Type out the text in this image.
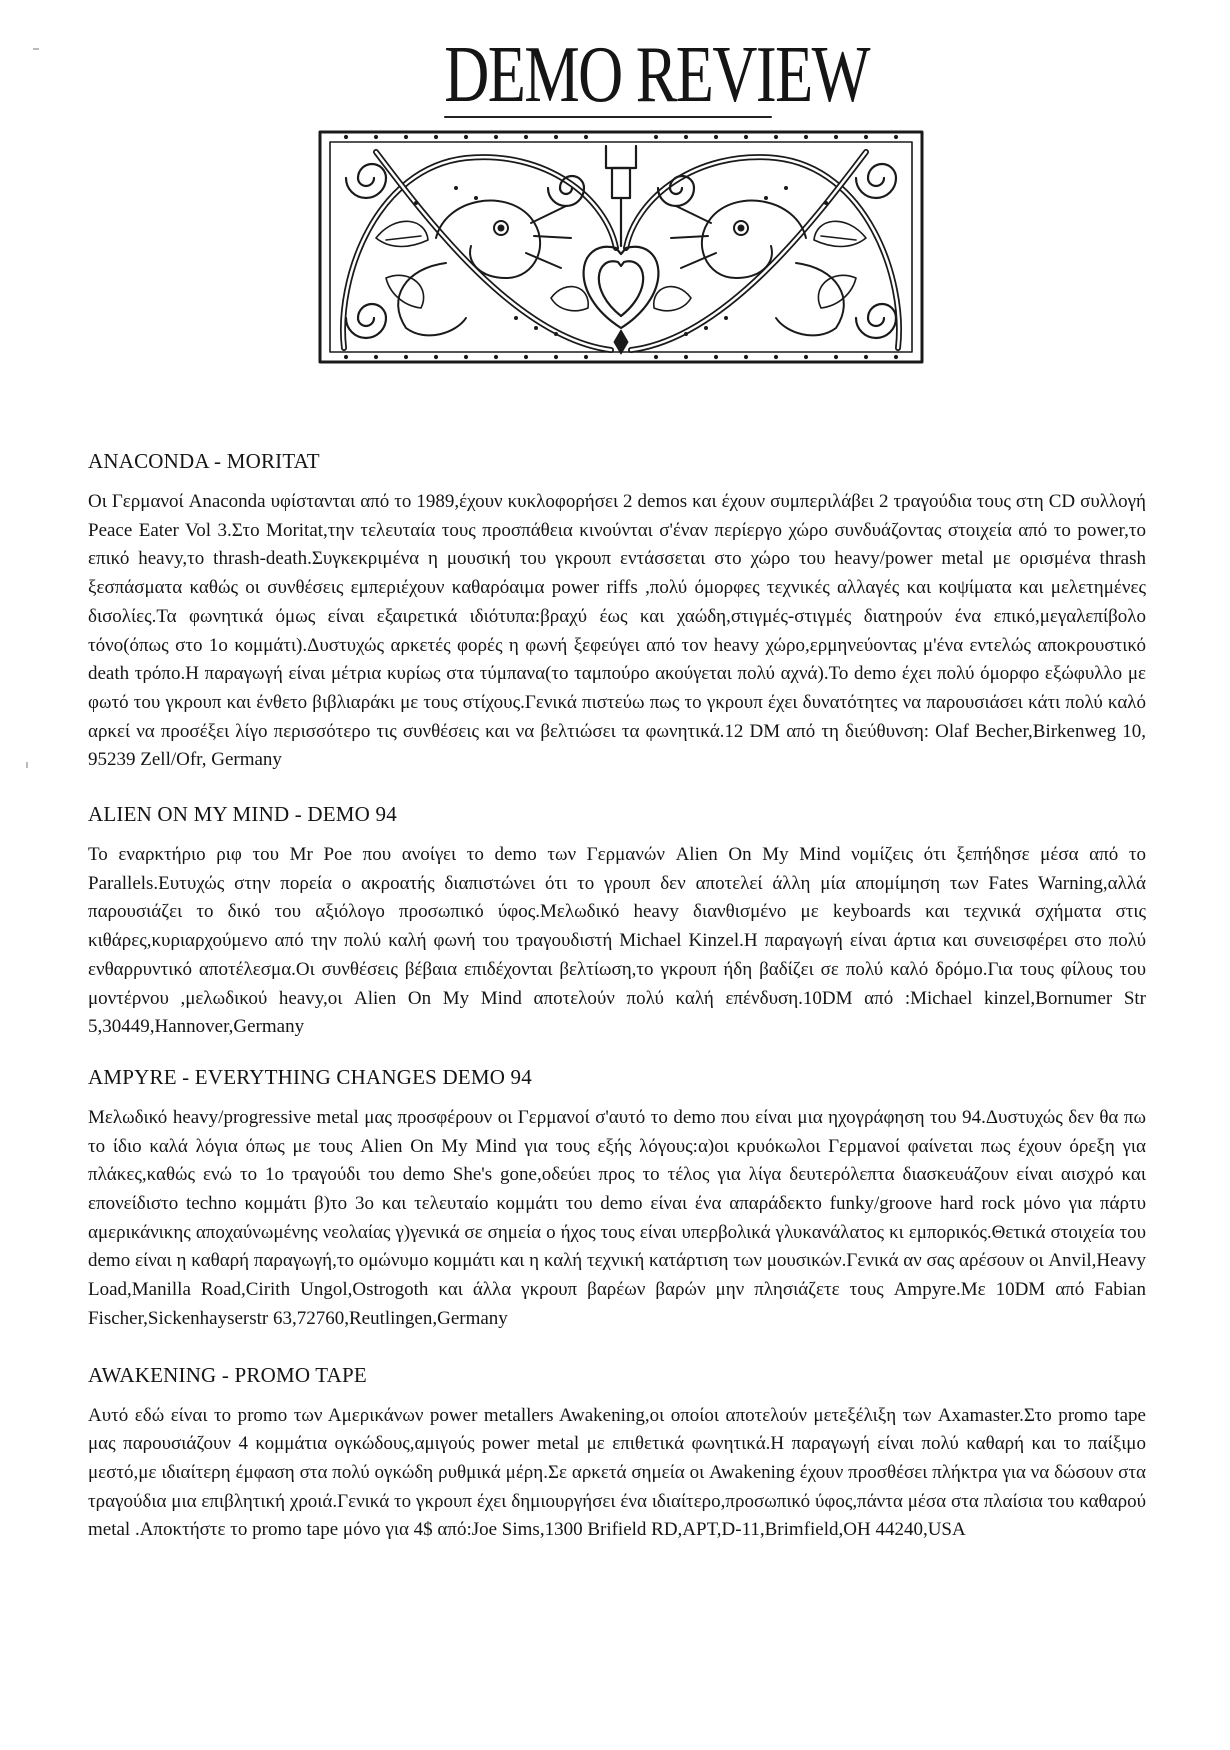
DEMO REVIEW
ANACONDA - MORITAT

Οι Γερμανοί Anaconda υφίστανται από το 1989,έχουν κυκλοφορήσει 2 demos και έχουν συμπεριλάβει 2 τραγούδια τους στη CD συλλογή Peace Eater Vol 3.Στο Moritat,την τελευταία τους προσπάθεια κινούνται σ'έναν περίεργο χώρο συνδυάζοντας στοιχεία από το power,το επικό heavy,το thrash-death.Συγκεκριμένα η μουσική του γκρουπ εντάσσεται στο χώρο του heavy/power metal με ορισμένα thrash ξεσπάσματα καθώς οι συνθέσεις εμπεριέχουν καθαρόαιμα power riffs ,πολύ όμορφες τεχνικές αλλαγές και κοψίματα και μελετημένες δισολίες.Τα φωνητικά όμως είναι εξαιρετικά ιδιότυπα:βραχύ έως και χαώδη,στιγμές-στιγμές διατηρούν ένα επικό,μεγαλεπίβολο τόνο(όπως στο 1ο κομμάτι).Δυστυχώς αρκετές φορές η φωνή ξεφεύγει από τον heavy χώρο,ερμηνεύοντας μ'ένα εντελώς αποκρουστικό death τρόπο.Η παραγωγή είναι μέτρια κυρίως στα τύμπανα(το ταμπούρο ακούγεται πολύ αχνά).Το demo έχει πολύ όμορφο εξώφυλλο με φωτό του γκρουπ και ένθετο βιβλιαράκι με τους στίχους.Γενικά πιστεύω πως το γκρουπ έχει δυνατότητες να παρουσιάσει κάτι πολύ καλό αρκεί να προσέξει λίγο περισσότερο τις συνθέσεις και να βελτιώσει τα φωνητικά.12 DM από τη διεύθυνση: Olaf Becher,Birkenweg 10, 95239 Zell/Ofr, Germany

ALIEN ON MY MIND - DEMO 94

Το εναρκτήριο ριφ του Mr Poe που ανοίγει το demo των Γερμανών Alien On My Mind νομίζεις ότι ξεπήδησε μέσα από το Parallels.Ευτυχώς στην πορεία ο ακροατής διαπιστώνει ότι το γρουπ δεν αποτελεί άλλη μία απομίμηση των Fates Warning,αλλά παρουσιάζει το δικό του αξιόλογο προσωπικό ύφος.Μελωδικό heavy διανθισμένο με keyboards και τεχνικά σχήματα στις κιθάρες,κυριαρχούμενο από την πολύ καλή φωνή του τραγουδιστή Michael Kinzel.Η παραγωγή είναι άρτια και συνεισφέρει στο πολύ ενθαρρυντικό αποτέλεσμα.Οι συνθέσεις βέβαια επιδέχονται βελτίωση,το γκρουπ ήδη βαδίζει σε πολύ καλό δρόμο.Για τους φίλους του μοντέρνου ,μελωδικού heavy,οι Alien On My Mind αποτελούν πολύ καλή επένδυση.10DM από :Michael kinzel,Bornumer Str 5,30449,Hannover,Germany

AMPYRE - EVERYTHING CHANGES DEMO 94

Μελωδικό heavy/progressive metal μας προσφέρουν οι Γερμανοί σ'αυτό το demo που είναι μια ηχογράφηση του 94.Δυστυχώς δεν θα πω το ίδιο καλά λόγια όπως με τους Alien On My Mind για τους εξής λόγους:α)οι κρυόκωλοι Γερμανοί φαίνεται πως έχουν όρεξη για πλάκες,καθώς ενώ το 1ο τραγούδι του demo She's gone,οδεύει προς το τέλος για λίγα δευτερόλεπτα διασκευάζουν είναι αισχρό και επονείδιστο techno κομμάτι β)το 3ο και τελευταίο κομμάτι του demo είναι ένα απαράδεκτο funky/groove hard rock μόνο για πάρτυ αμερικάνικης αποχαύνωμένης νεολαίας γ)γενικά σε σημεία ο ήχος τους είναι υπερβολικά γλυκανάλατος κι εμπορικός.Θετικά στοιχεία του demo είναι η καθαρή παραγωγή,το ομώνυμο κομμάτι και η καλή τεχνική κατάρτιση των μουσικών.Γενικά αν σας αρέσουν οι Anvil,Heavy Load,Manilla Road,Cirith Ungol,Ostrogoth και άλλα γκρουπ βαρέων βαρών μην πλησιάζετε τους Ampyre.Με 10DM από Fabian Fischer,Sickenhayserstr 63,72760,Reutlingen,Germany

AWAKENING - PROMO TAPE

Αυτό εδώ είναι το promo των Αμερικάνων power metallers Awakening,οι οποίοι αποτελούν μετεξέλιξη των Axamaster.Στο promo tape μας παρουσιάζουν 4 κομμάτια ογκώδους,αμιγούς power metal με επιθετικά φωνητικά.Η παραγωγή είναι πολύ καθαρή και το παίξιμο μεστό,με ιδιαίτερη έμφαση στα πολύ ογκώδη ρυθμικά μέρη.Σε αρκετά σημεία οι Awakening έχουν προσθέσει πλήκτρα για να δώσουν στα τραγούδια μια επιβλητική χροιά.Γενικά το γκρουπ έχει δημιουργήσει ένα ιδιαίτερο,προσωπικό ύφος,πάντα μέσα στα πλαίσια του καθαρού metal .Αποκτήστε το promo tape μόνο για 4$ από:Joe Sims,1300 Brifield RD,APT,D-11,Brimfield,OH 44240,USA
